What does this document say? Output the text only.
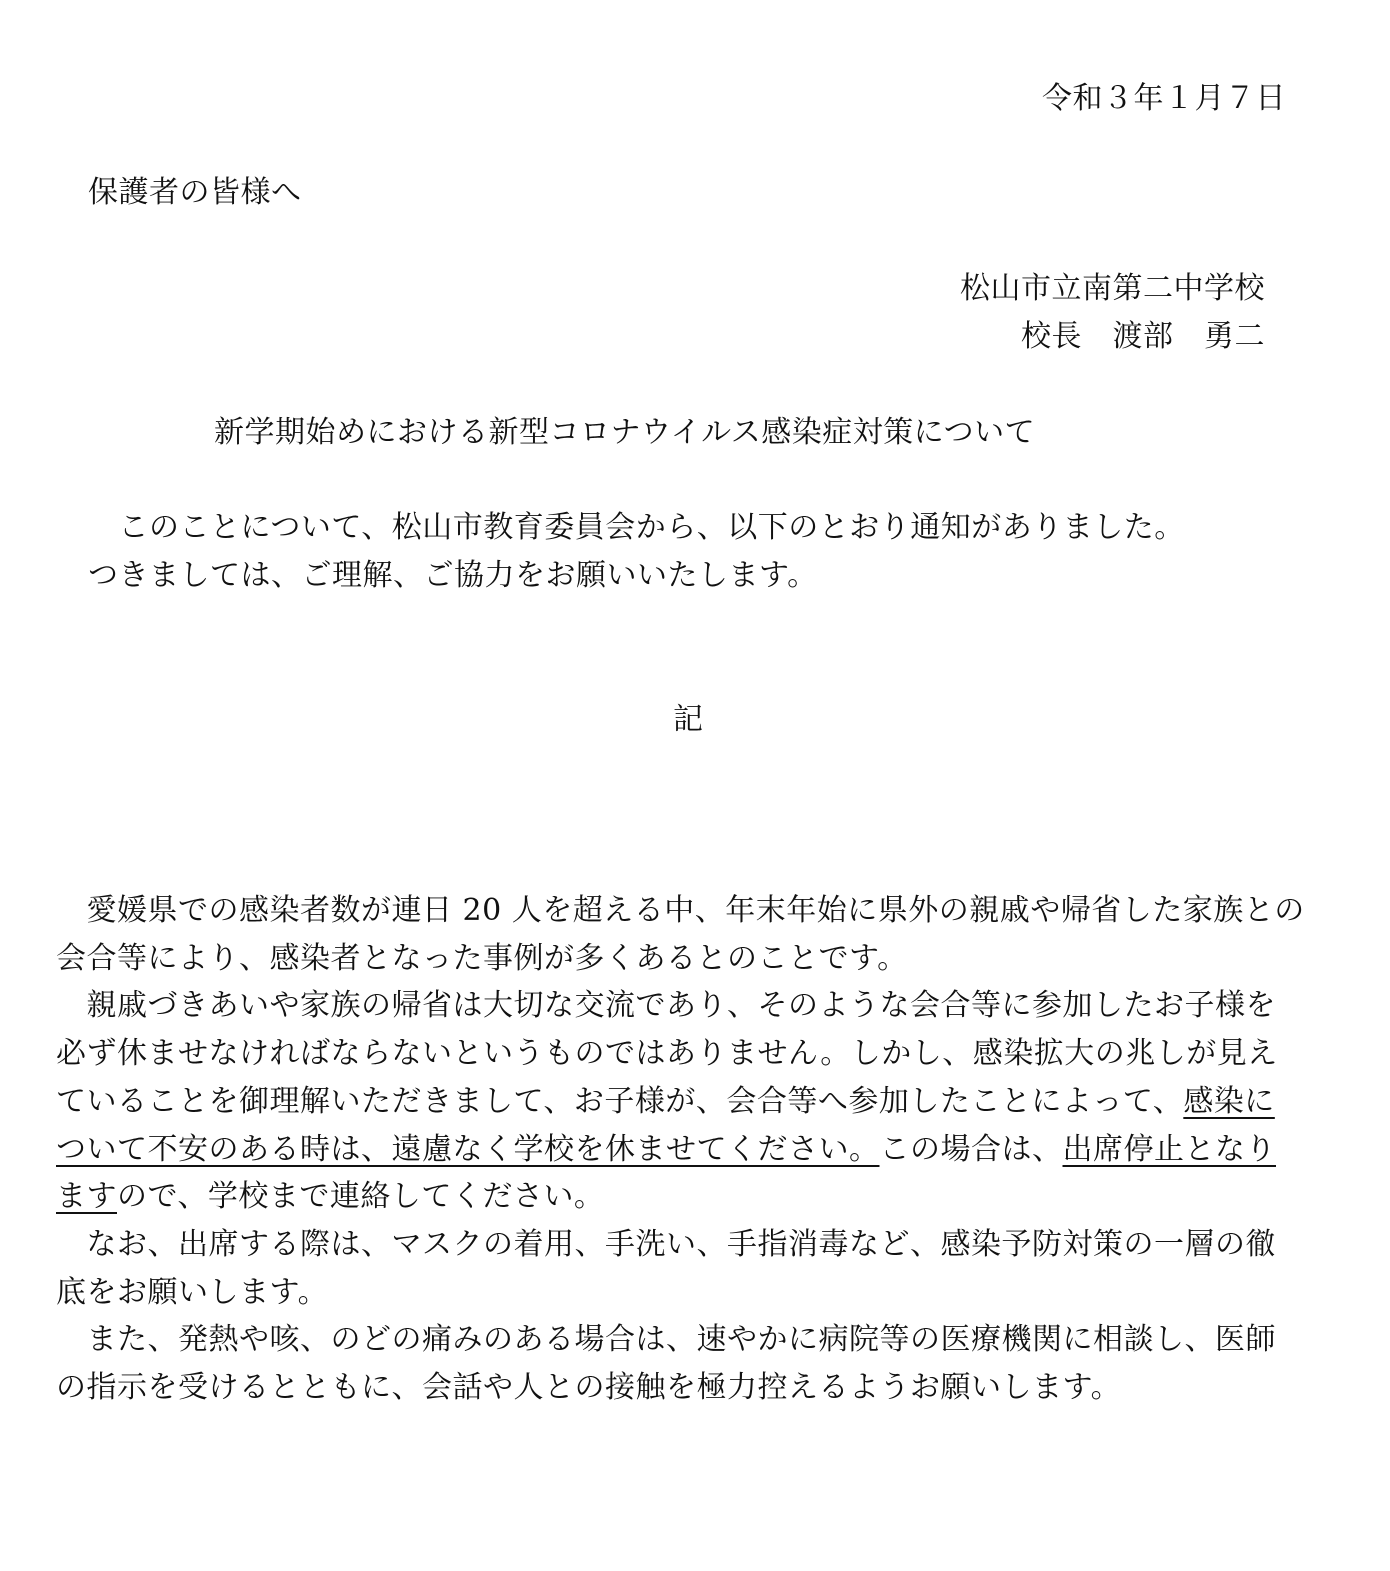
令和３年１月７日

保護者の皆様へ

松山市立南第二中学校

校長　渡部　勇二

新学期始めにおける新型コロナウイルス感染症対策について

　このことについて、松山市教育委員会から、以下のとおり通知がありました。

つきましては、ご理解、ご協力をお願いいたします。

記

　愛媛県での感染者数が連日 20 人を超える中、年末年始に県外の親戚や帰省した家族との

会合等により、感染者となった事例が多くあるとのことです。

　親戚づきあいや家族の帰省は大切な交流であり、そのような会合等に参加したお子様を

必ず休ませなければならないというものではありません。しかし、感染拡大の兆しが見え

ていることを御理解いただきまして、お子様が、会合等へ参加したことによって、感染に

ついて不安のある時は、遠慮なく学校を休ませてください。この場合は、出席停止となり

ますので、学校まで連絡してください。

　なお、出席する際は、マスクの着用、手洗い、手指消毒など、感染予防対策の一層の徹

底をお願いします。

　また、発熱や咳、のどの痛みのある場合は、速やかに病院等の医療機関に相談し、医師

の指示を受けるとともに、会話や人との接触を極力控えるようお願いします。
